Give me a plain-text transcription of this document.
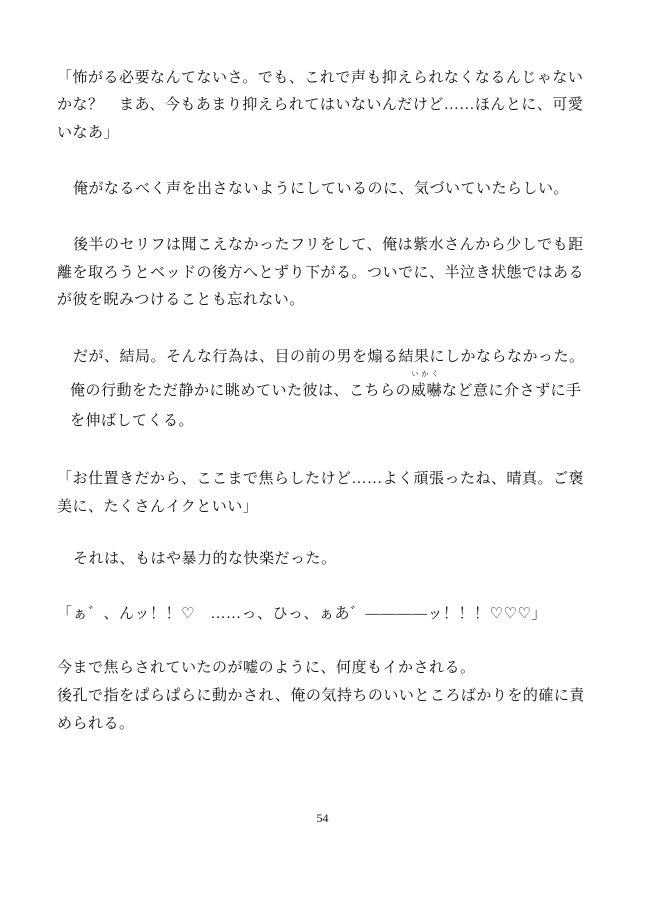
「怖がる必要なんてないさ。でも、これで声も抑えられなくなるんじゃない
かな？　まあ、今もあまり抑えられてはいないんだけど……ほんとに、可愛
いなあ」
俺がなるべく声を出さないようにしているのに、気づいていたらしい。
後半のセリフは聞こえなかったフリをして、俺は紫水さんから少しでも距
離を取ろうとベッドの後方へとずり下がる。ついでに、半泣き状態ではある
が彼を睨みつけることも忘れない。
だが、結局。そんな行為は、目の前の男を煽る結果にしかならなかった。
俺の行動をただ静かに眺めていた彼は、こちらの威嚇
いかく
など意に介さずに手
を伸ばしてくる。
「お仕置きだから、ここまで焦らしたけど……よく頑張ったね、晴真。ご褒
美に、たくさんイクといい」
それは、もはや暴力的な快楽だった。
「ぁ゛、んッ！！♡　……っ、ひっ、ぁあ゛――――ッ！！！♡♡♡」
今まで焦らされていたのが嘘のように、何度もイかされる。
後孔で指をぱらぱらに動かされ、俺の気持ちのいいところばかりを的確に責
められる。
54
